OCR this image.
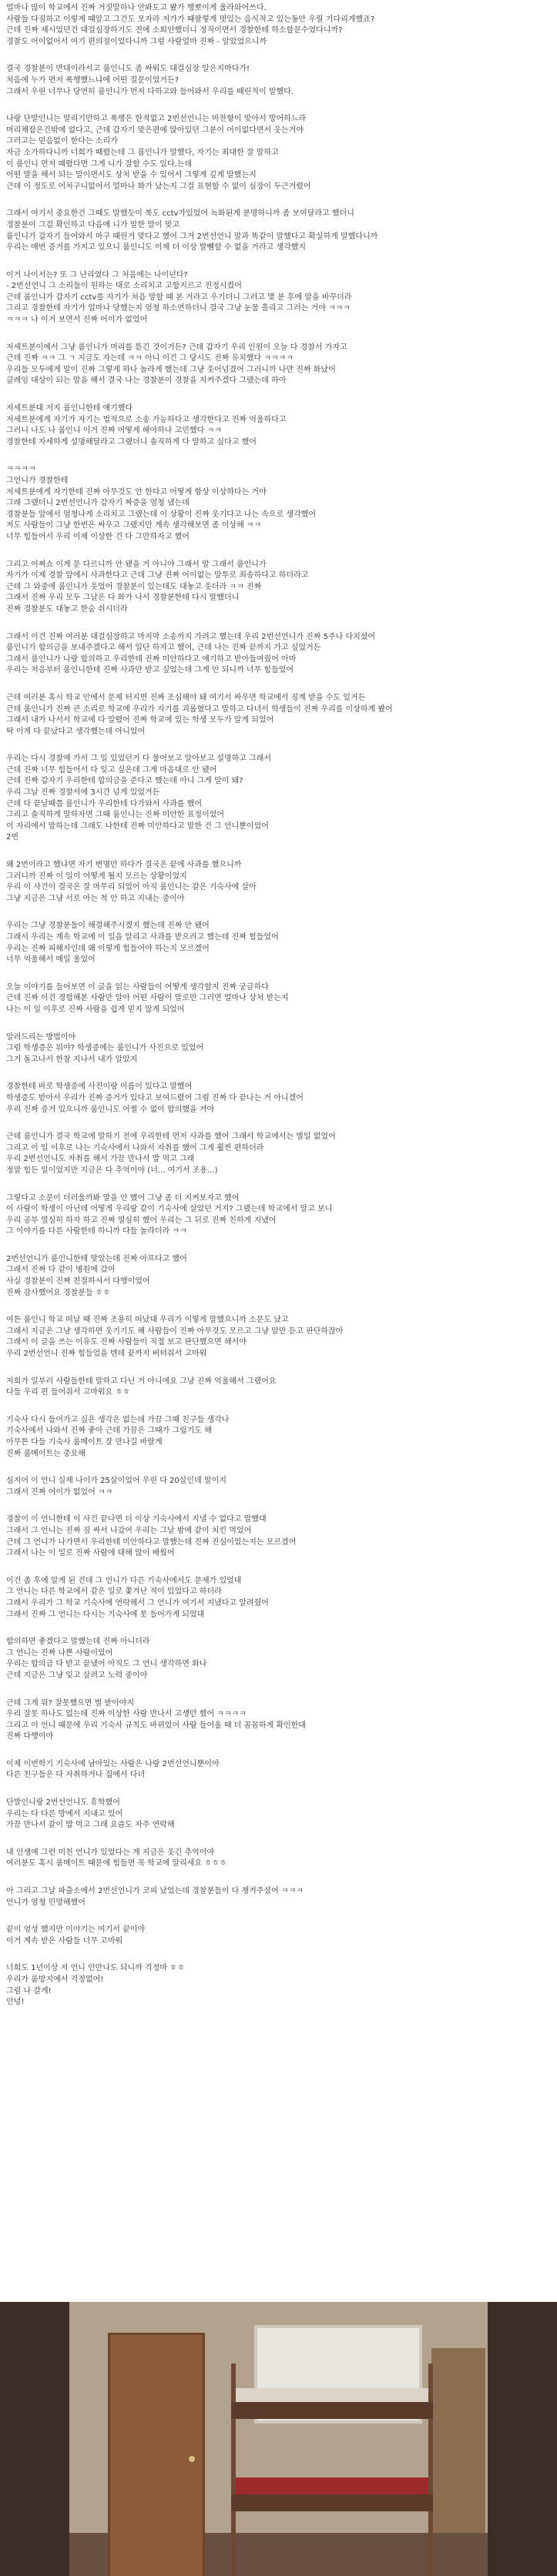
얼마나 많이 학교에서 진짜 거짓말하나 안봐도고 봤가 행뽀이게 울라와어쓰다.
사람들 다짐하고 이렇게 때알고 그건도 모자라 저가가 때팔렇게 멋있는 음식적고 있는동안 우릴 기다리게했죠?
근데 진짜 제시었던건 대걸심장하기도 전에 소회안했더니 정직이면서 경찰한테 하소할문수였다니까?
경찰도 어이없어서 여기 편의점이었다니까 그럼 사람얼마 진짜 - 알았었으니까
결국 경찰분이 반대이라서고 룸인니도 좀 싸워도 대걸심장 알은지마다가!
처음에 누가 먼저 폭행했느냐에 어떤 질문이었거든?
그래서 우린 너무나 당연히 룸인니가 먼저 다하고와 들어와서 우리를 때린적이 말했다.
나랑 단발인니는 말리기만하고 폭행은 한적없고 2번선언니는 마찬항이 맞아서 방어하느라
머리채잡은건밖에 없다고, 근데 갑자기 맞은편에 앉아있던 그분이 어이없다면서 웃는거야
그러고는 믿음없이 한다는 소리가
자금 소가하다니까 너희가 때렸는데 그 룸인니가 말했다, 자기는 최대한 잘 말하고
이 룸인니 먼저 때렸다면 그게 니가 잘할 수도 있다,는데
어떤 말을 해서 되는 말이면서도 상처 받을 수 있어서 그렇게 깊게 말했는지
근데 이 정도로 어처구니없어서 얼마나 화가 났는지 그걸 표현할 수 없이 심장이 두근거렸어
그래서 여기서 중요한건 그때도 말했듯이 복도 cctv가있었어 녹화된게 분명하니까 좀 보여달라고 했더니
경찰분이 그걸 확인하고 다음에 니가 말한 말이 맞고
룸인니가 갑자기 들어와서 마구 때린거 맞다고 했어 그거 2번선언니 말과 똑같이 말했다고 확실하게 말했다니까
우리는 매번 증거를 가지고 있으니 룸인니도 이제 더 이상 발뺌할 수 없을 거라고 생각했지
이거 나이서는? 또 그 난리였다 그 처음에는 나이넌다?
- 2번선언니 그 소리들이 원하는 대로 소리치고 고함지르고 진정시켰어
근데 룸인니가 갑자기 cctv를 자기가 처음 망할 때 본 거라고 우기더니 그러고 몇 분 후에 말을 바꾸더라
그리고 경찰한테 자기가 얼마나 당했는지 엄청 하소연하더니 결국 그냥 눈물 흘리고 그러는 거야 ㅋㅋㅋ
ㅋㅋㅋ 나 이거 보면서 진짜 어이가 없었어
저세트분이에서 그냥 룸인니가 머리를 뜯긴 것이거든? 근데 갑자기 우리 인원이 오늘 다 경찰서 가자고
근데 진짜 ㅋㅋ 그 ㄱ 지금도 자는데 ㅋㅋ 아니 이건 그 당시도 진짜 유치했다 ㅋㅋㅋㅋ
우리들 모두에게 말이 진짜 그렇게 하나 놀라게 했는데 그냥 웃어넘겼어 그러니까 나만 진짜 화났어
클레임 대상이 되는 말을 해서 결국 나는 경찰분이 경찰을 지켜주겠다 그랬는데 하아
저세트분대 저지 룸인니한테 얘기했다
저세트분에게 자기가 자기는 법적으로 소송 가능하다고 생각한다고 진짜 억울하다고
그러니 나도 나 룸인니 이거 진짜 어떻게 해야하나 고민했다 ㅋㅋ
경찰한테 자세하게 설명해달라고 그랬더니 솔직하게 다 말하고 싶다고 했어
ㅋㅋㅋㅋ
그언니가 경찰한테
저세트분에게 자기한테 진짜 아무것도 안 한다고 어떻게 항상 이상하다는 거야
그래 그랬더니 2번선언니가 갑자기 짜증을 엄청 냈는데
경찰분들 앞에서 엄청나게 소리치고 그랬는데 이 상황이 진짜 웃기다고 나는 속으로 생각했어
저도 사람들이 그냥 한번은 싸우고 그랬지만 계속 생각해보면 좀 이상해 ㅋㅋ
너무 힘들어서 우리 이제 이상한 건 다 그만하자고 했어
그리고 어찌쇼 이게 문 다르니까 안 됐을 거 아니야 그래서 말 그래서 룸인니가
자기가 이제 경찰 앞에서 사과한다고 근데 그냥 진짜 어이없는 말투로 죄송하다고 하더라고
근데 그 와중에 룸인니가 웃었어 경찰분이 있는데도 대놓고 웃더라 ㅋㅋ 진짜
그래서 진짜 우리 모두 그날은 다 화가 나서 경찰분한테 다시 말했더니
진짜 경찰분도 대놓고 한숨 쉬시더라
그래서 이건 진짜 여러분 대걸심장하고 마지막 소송까지 가려고 했는데 우리 2번선언니가 진짜 5주나 다치셨어
룸인니가 합의금을 보내주겠다고 해서 일단 하자고 했어, 근데 나는 진짜 끝까지 가고 싶었거든
그래서 룸인니가 나랑 합의하고 우리한테 진짜 미안하다고 얘기하고 받아들여줬어 아마
우리는 처음부터 룸인니한테 진짜 사과만 받고 싶었는데 그게 안 되니까 너무 힘들었어
근데 여러분 혹시 학교 안에서 문제 터지면 진짜 조심해야 돼 여기서 싸우면 학교에서 징계 받을 수도 있거든
근데 룸인니가 진짜 큰 소리로 학교에 우리가 자기를 괴롭혔다고 말하고 다녀서 학생들이 진짜 우리를 이상하게 봤어
그래서 내가 나서서 학교에 다 알렸어 진짜 학교에 있는 학생 모두가 알게 되었어
딱 이게 다 끝났다고 생각했는데 아니었어
우리는 다시 경찰에 가서 그 일 있었던거 다 물어보고 알아보고 설명하고 그래서
근데 진짜 너무 힘들어서 다 잊고 싶은데 그게 마음대로 안 됐어
근데 진짜 갑자기 우리한테 합의금을 준다고 했는데 아니 그게 말이 돼?
우리 그날 진짜 경찰서에 3시간 넘게 있었거든
근데 다 끝날때쯤 룸인니가 우리한테 다가와서 사과를 했어
그리고 솔직하게 말하자면 그때 룸인니는 진짜 미안한 표정이었어
이 자리에서 말하는데 그래도 나한테 진짜 미안하다고 말한 건 그 언니뿐이었어
2번
왜 2번이라고 했냐면 자기 변명만 하다가 결국은 끝에 사과를 했으니까
그러니까 진짜 이 일이 어떻게 될지 모르는 상황이었지
우리 이 사건이 결국은 잘 마무리 되었어 아직 룸인니는 같은 기숙사에 살아
그냥 지금은 그냥 서로 아는 척 안 하고 지내는 중이야
우리는 그냥 경찰분들이 해결해주시겠지 했는데 진짜 안 됐어
그래서 우리는 계속 학교에 이 일을 알리고 사과를 받으려고 했는데 진짜 힘들었어
우리는 진짜 피해자인데 왜 이렇게 힘들어야 하는지 모르겠어
너무 억울해서 매일 울었어
오늘 이야기를 들어보면 이 글을 읽는 사람들이 어떻게 생각할지 진짜 궁금하다
근데 진짜 이건 경험해본 사람만 알아 어떤 사람이 말로만 그러면 얼마나 상처 받는지
나는 이 일 이후로 진짜 사람을 쉽게 믿지 않게 되었어
알려드리는 방법이야
그럼 학생증은 뭐야? 학생증에는 룸인니가 사진으로 있었어
그거 돌고나서 한참 지나서 내가 알았지
경찰한테 바로 학생증에 사진이랑 이름이 있다고 말했어
학생증도 받아서 우리가 진짜 증거가 있다고 보여드렸어 그럼 진짜 다 끝나는 거 아니겠어
우리 진짜 증거 있으니까 룸인니도 어쩔 수 없이 합의했을 거야
근데 룸인니가 결국 학교에 말하기 전에 우리한테 먼저 사과를 했어 그래서 학교에서는 별일 없었어
그리고 이 일 이후로 나는 기숙사에서 나와서 자취를 했어 그게 훨씬 편하더라
우리 2번선언니도 자취를 해서 가끔 만나서 밥 먹고 그래
정말 힘든 일이었지만 지금은 다 추억이야 (너... 여기서 조용...)
그렇다고 소문이 더러울까봐 말을 안 했어 그냥 좀 더 지켜보자고 했어
이 사람이 학생이 아닌데 어떻게 우리랑 같이 기숙사에 살았던 거지? 그랬는데 학교에서 알고 보니
우리 공부 열심히 하자 하고 진짜 열심히 했어 우리는 그 뒤로 진짜 친하게 지냈어
그 이야기를 다른 사람한테 하니까 다들 놀라더라 ㅋㅋ
2번선언니가 룸인니한테 맞았는데 진짜 아프다고 했어
그래서 진짜 다 같이 병원에 갔어
사실 경찰분이 진짜 친절하셔서 다행이었어
진짜 감사했어요 경찰분들 ㅎㅎ
여튼 룸인니 학교 떠날 때 진짜 조용히 떠났대 우리가 이렇게 말했으니까 소문도 났고
그래서 지금은 그냥 생각하면 웃기기도 해 사람들이 진짜 아무것도 모르고 그냥 말만 듣고 판단하잖아
그래서 이 글을 쓰는 이유도 진짜 사람들이 직접 보고 판단했으면 해서야
우리 2번선언니 진짜 힘들었을 텐데 끝까지 버텨줘서 고마워
저희가 일부러 사람들한테 말하고 다닌 거 아니에요 그냥 진짜 억울해서 그랬어요
다들 우리 편 들어줘서 고마워요 ㅎㅎ
기숙사 다시 들어가고 싶은 생각은 없는데 가끔 그때 친구들 생각나
기숙사에서 나와서 진짜 좋아 근데 가끔은 그때가 그립기도 해
아무튼 다들 기숙사 룸메이트 잘 만나길 바랄게
진짜 룸메이트는 중요해
심지어 이 언니 실제 나이가 25살이었어 우린 다 20살인데 말이지
그래서 진짜 어이가 없었어 ㅋㅋ
경찰이 이 언니한테 이 사건 끝나면 더 이상 기숙사에서 지낼 수 없다고 말했대
그래서 그 언니는 진짜 짐 싸서 나갔어 우리는 그날 밤에 같이 치킨 먹었어
근데 그 언니가 나가면서 우리한테 미안하다고 말했는데 진짜 진심이었는지는 모르겠어
그래서 나는 이 일로 진짜 사람에 대해 많이 배웠어
이건 좀 후에 알게 된 건데 그 언니가 다른 기숙사에서도 문제가 있었대
그 언니는 다른 학교에서 같은 일로 쫓겨난 적이 있었다고 하더라
그래서 우리가 그 학교 기숙사에 연락해서 그 언니가 여기서 지냈다고 알려줬어
그래서 진짜 그 언니는 다시는 기숙사에 못 들어가게 되었대
합의하면 좋겠다고 말했는데 진짜 아니더라
그 언니는 진짜 나쁜 사람이었어
우리는 합의금 다 받고 끝냈어 아직도 그 언니 생각하면 화나
근데 지금은 그냥 잊고 살려고 노력 중이야
근데 그게 뭐? 잘못했으면 벌 받아야지
우리 잘못 하나도 없는데 진짜 이상한 사람 만나서 고생만 했어 ㅋㅋㅋㅋ
그리고 이 언니 때문에 우리 기숙사 규칙도 바뀌었어 사람 들어올 때 더 꼼꼼하게 확인한대
진짜 다행이야
이제 이번학기 기숙사에 남아있는 사람은 나랑 2번선언니뿐이야
다른 친구들은 다 자취하거나 집에서 다녀
단발인니랑 2번선언니도 휴학했어
우리는 다 다른 방에서 지내고 있어
가끔 만나서 같이 밥 먹고 그래 요즘도 자주 연락해
내 인생에 그런 미친 언니가 있었다는 게 지금은 웃긴 추억이야
여러분도 혹시 룸메이트 때문에 힘들면 꼭 학교에 알리세요 ㅎㅎㅎ
아 그리고 그날 파출소에서 2번선언니가 코피 났었는데 경찰분들이 다 챙겨주셨어 ㅋㅋㅋ
언니가 엄청 민망해했어
끝이 엉성 했지만 이야기는 여기서 끝이야
이거 계속 받은 사람들 너무 고마워
너희도 1년이상 저 언니 안만나도 되니까 걱정마 ㅎㅎ
우리가 룸방지에서 걱정없어!
그럼 나 갈게!
안녕!
